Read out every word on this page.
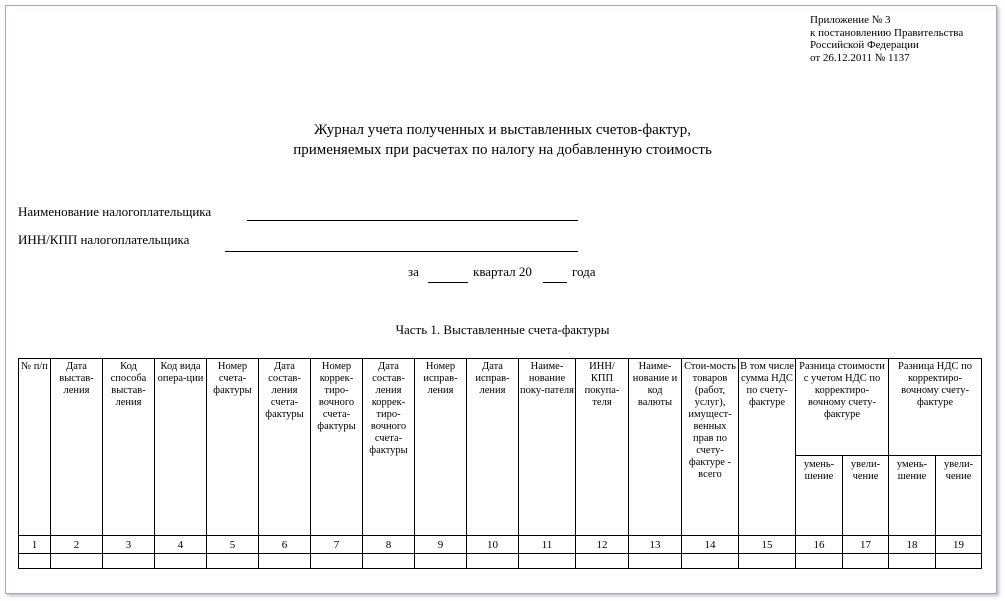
Приложение № 3
к постановлению Правительства
Российской Федерации
от 26.12.2011 № 1137
Журнал учета полученных и выставленных счетов-фактур,
применяемых при расчетах по налогу на добавленную стоимость
Наименование налогоплательщика
ИНН/КПП налогоплательщика
за	квартал 20	года
Часть 1. Выставленные счета-фактуры
№ п/п	Дата выстав-ления	Код способа выстав-ления	Код вида опера-ции	Номер счета-фактуры	Дата состав-ления счета-фактуры	Номер коррек-тиро-вочного счета-фактуры	Дата состав-ления коррек-тиро-вочного счета-фактуры	Номер исправ-ления	Дата исправ-ления	Наиме-нование поку-пателя	ИНН/ КПП покупа-теля	Наиме-нование и код валюты	Стои-мость товаров (работ, услуг), имущест-венных прав по счету-фактуре - всего	В том числе сумма НДС по счету-фактуре	Разница стоимости с учетом НДС по корректиро-вочному счету-фактуре		Разница НДС по корректиро-вочному счету-фактуре	
															умень-шение	увели-чение	умень-шение	увели-чение
1	2	3	4	5	6	7	8	9	10	11	12	13	14	15	16	17	18	19
